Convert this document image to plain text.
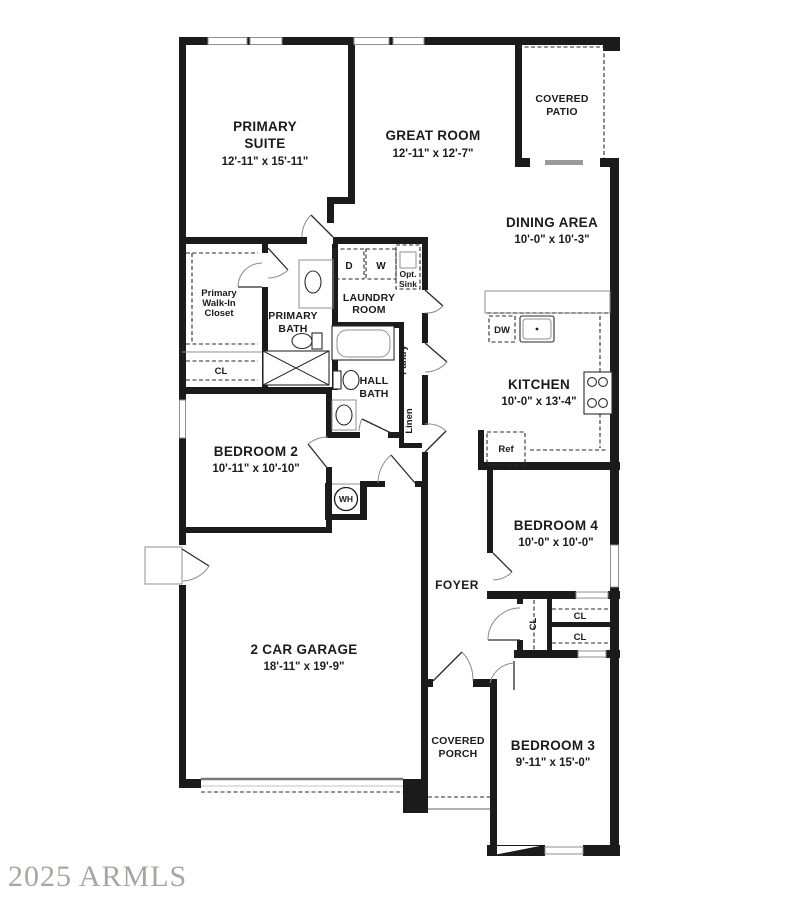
PRIMARY
SUITE
12'-11" x 15'-11"
GREAT ROOM
12'-11" x 12'-7"
COVERED
PATIO
DINING AREA
10'-0" x 10'-3"
KITCHEN
10'-0" x 13'-4"
LAUNDRY
ROOM
PRIMARY
BATH
Primary
Walk-In
Closet
CL
HALL
BATH
BEDROOM 2
10'-11" x 10'-10"
BEDROOM 4
10'-0" x 10'-0"
FOYER
2 CAR GARAGE
18'-11" x 19'-9"
COVERED
PORCH
BEDROOM 3
9'-11" x 15'-0"
D W
Opt.
Sink
DW
Ref
WH
Pantry
Linen
CL
CL
CL
2025 ARMLS
